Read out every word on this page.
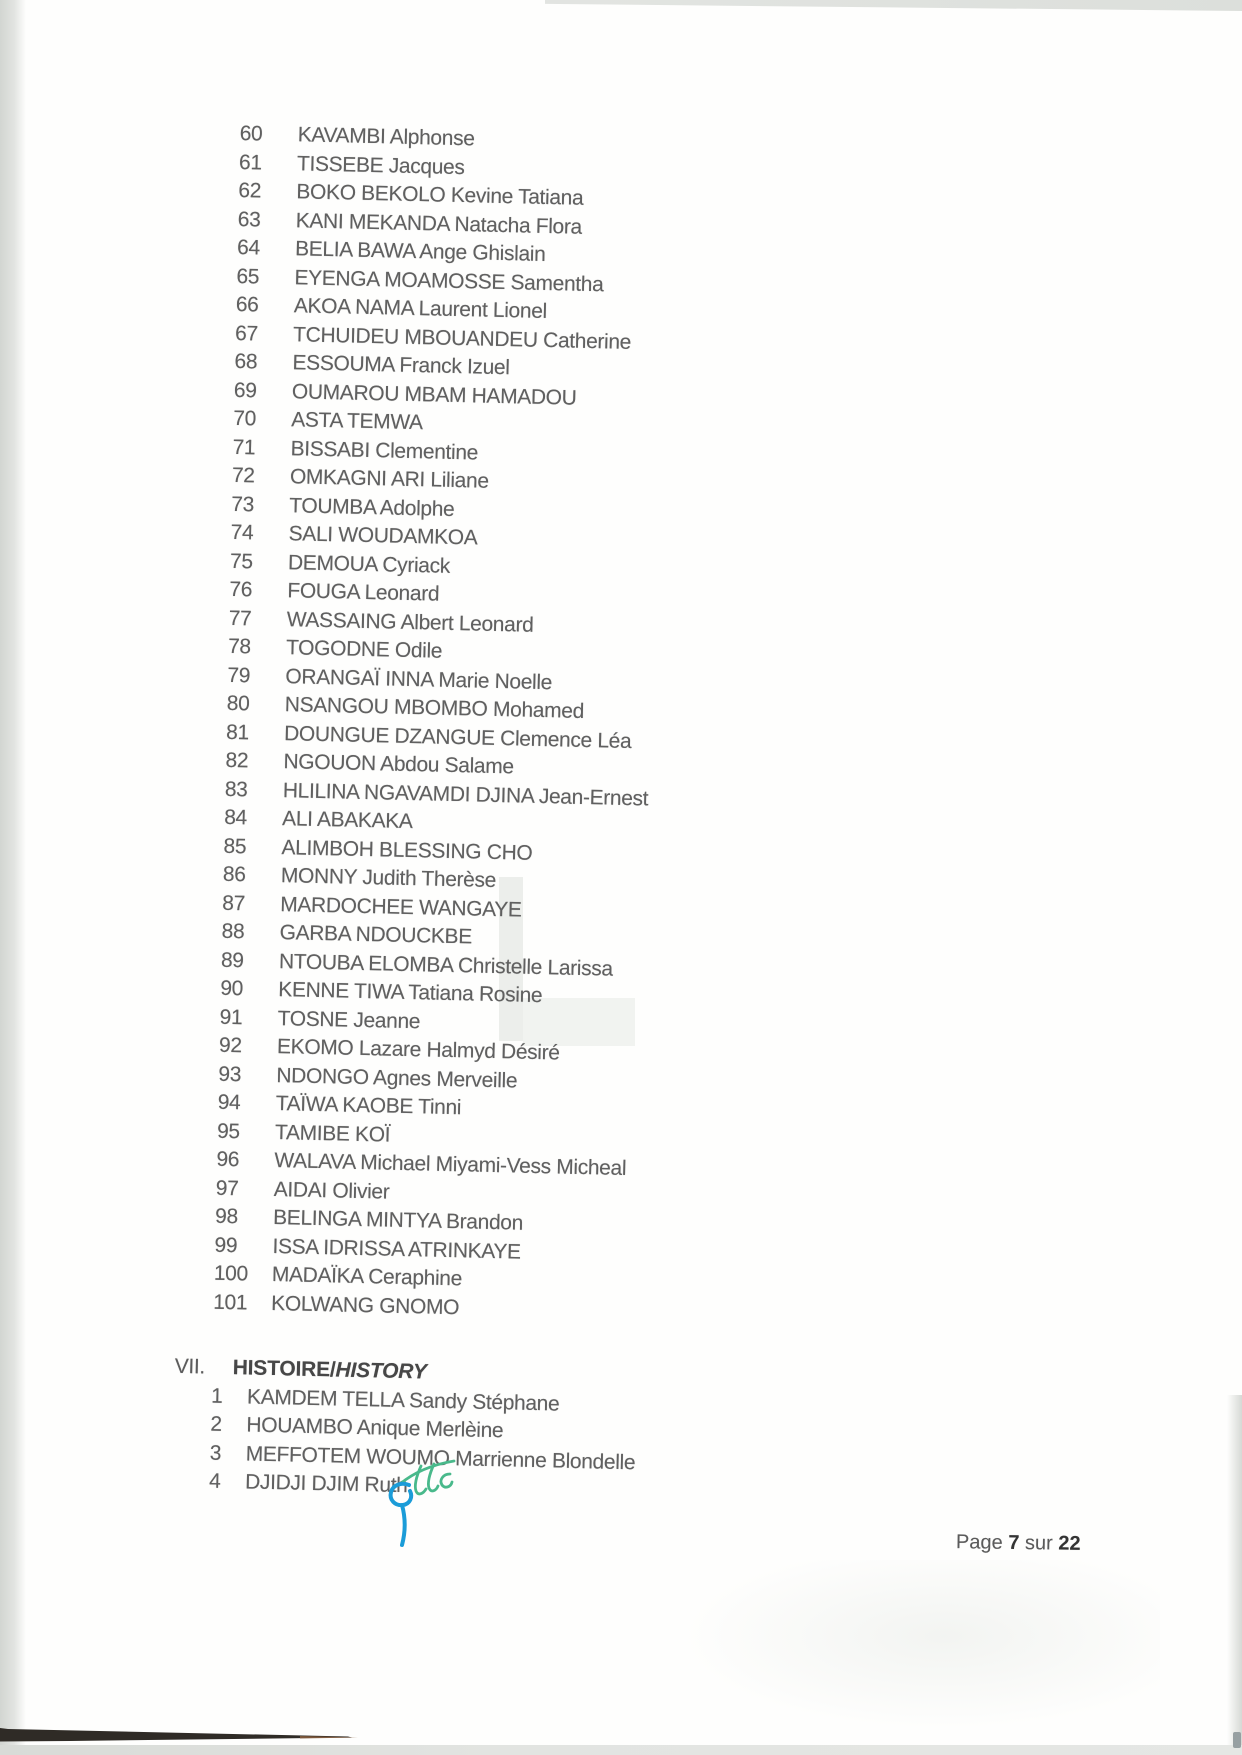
60 KAVAMBI Alphonse
61 TISSEBE Jacques
62 BOKO BEKOLO Kevine Tatiana
63 KANI MEKANDA Natacha Flora
64 BELIA BAWA Ange Ghislain
65 EYENGA MOAMOSSE Samentha
66 AKOA NAMA Laurent Lionel
67 TCHUIDEU MBOUANDEU Catherine
68 ESSOUMA Franck Izuel
69 OUMAROU MBAM HAMADOU
70 ASTA TEMWA
71 BISSABI Clementine
72 OMKAGNI ARI Liliane
73 TOUMBA Adolphe
74 SALI WOUDAMKOA
75 DEMOUA Cyriack
76 FOUGA Leonard
77 WASSAING Albert Leonard
78 TOGODNE Odile
79 ORANGAÏ INNA Marie Noelle
80 NSANGOU MBOMBO Mohamed
81 DOUNGUE DZANGUE Clemence Léa
82 NGOUON Abdou Salame
83 HLILINA NGAVAMDI DJINA Jean-Ernest
84 ALI ABAKAKA
85 ALIMBOH BLESSING CHO
86 MONNY Judith Therèse
87 MARDOCHEE WANGAYE
88 GARBA NDOUCKBE
89 NTOUBA ELOMBA Christelle Larissa
90 KENNE TIWA Tatiana Rosine
91 TOSNE Jeanne
92 EKOMO Lazare Halmyd Désiré
93 NDONGO Agnes Merveille
94 TAÏWA KAOBE Tinni
95 TAMIBE KOÏ
96 WALAVA Michael Miyami-Vess Micheal
97 AIDAI Olivier
98 BELINGA MINTYA Brandon
99 ISSA IDRISSA ATRINKAYE
100 MADAÏKA Ceraphine
101 KOLWANG GNOMO
VII. HISTOIRE/HISTORY
1 KAMDEM TELLA Sandy Stéphane
2 HOUAMBO Anique Merlèine
3 MEFFOTEM WOUMO Marrienne Blondelle
4 DJIDJI DJIM Ruth
Page 7 sur 22
